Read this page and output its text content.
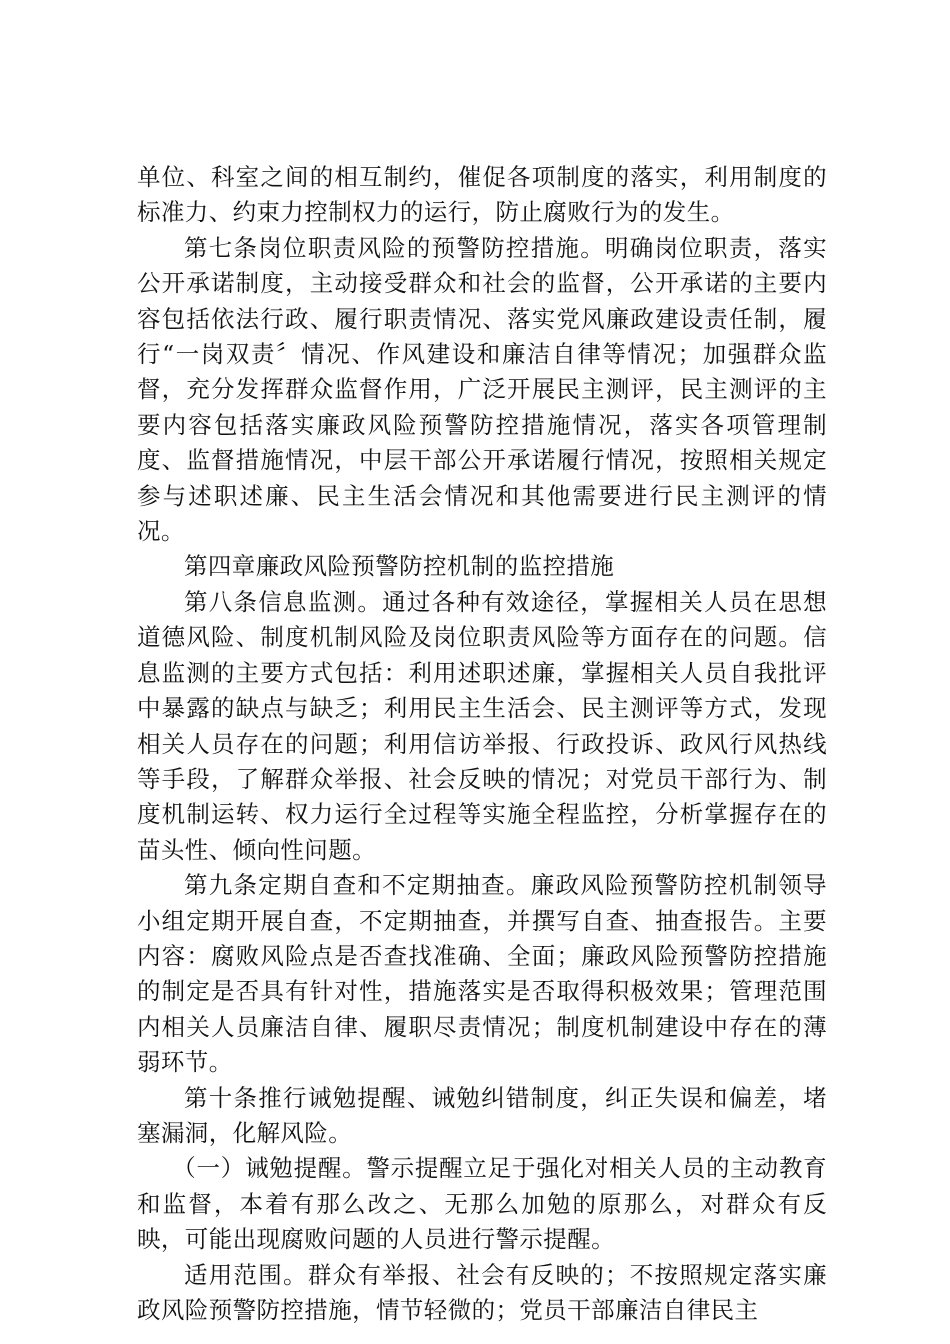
单位、科室之间的相互制约，催促各项制度的落实，利用制度的标准力、约束力控制权力的运行，防止腐败行为的发生。

第七条岗位职责风险的预警防控措施。明确岗位职责，落实公开承诺制度，主动接受群众和社会的监督，公开承诺的主要内容包括依法行政、履行职责情况、落实党风廉政建设责任制，履行“一岗双责〞情况、作风建设和廉洁自律等情况；加强群众监督，充分发挥群众监督作用，广泛开展民主测评，民主测评的主要内容包括落实廉政风险预警防控措施情况，落实各项管理制度、监督措施情况，中层干部公开承诺履行情况，按照相关规定参与述职述廉、民主生活会情况和其他需要进行民主测评的情况。

第四章廉政风险预警防控机制的监控措施

第八条信息监测。通过各种有效途径，掌握相关人员在思想道德风险、制度机制风险及岗位职责风险等方面存在的问题。信息监测的主要方式包括：利用述职述廉，掌握相关人员自我批评中暴露的缺点与缺乏；利用民主生活会、民主测评等方式，发现相关人员存在的问题；利用信访举报、行政投诉、政风行风热线等手段，了解群众举报、社会反映的情况；对党员干部行为、制度机制运转、权力运行全过程等实施全程监控，分析掌握存在的苗头性、倾向性问题。

第九条定期自查和不定期抽查。廉政风险预警防控机制领导小组定期开展自查，不定期抽查，并撰写自查、抽查报告。主要内容：腐败风险点是否查找准确、全面；廉政风险预警防控措施的制定是否具有针对性，措施落实是否取得积极效果；管理范围内相关人员廉洁自律、履职尽责情况；制度机制建设中存在的薄弱环节。

第十条推行诫勉提醒、诫勉纠错制度，纠正失误和偏差，堵塞漏洞，化解风险。

（一）诫勉提醒。警示提醒立足于强化对相关人员的主动教育和监督，本着有那么改之、无那么加勉的原那么，对群众有反映，可能出现腐败问题的人员进行警示提醒。

适用范围。群众有举报、社会有反映的；不按照规定落实廉政风险预警防控措施，情节轻微的；党员干部廉洁自律民主
